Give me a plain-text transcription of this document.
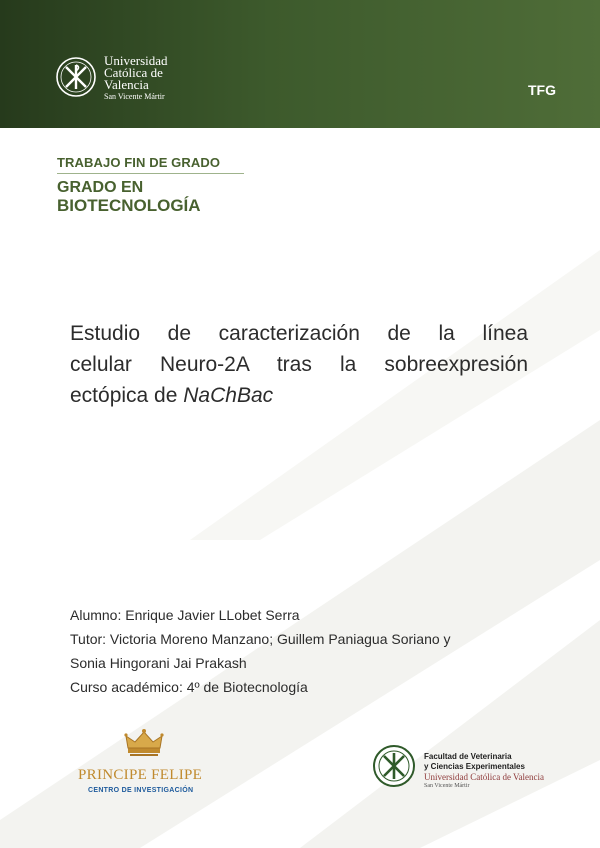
Universidad
Católica de
Valencia
San Vicente Mártir	TFG
TRABAJO FIN DE GRADO
GRADO EN
BIOTECNOLOGÍA
Estudio de caracterización de la línea
celular Neuro-2A tras la sobreexpresión
ectópica de NaChBac
Alumno: Enrique Javier LLobet Serra
Tutor: Victoria Moreno Manzano; Guillem Paniagua Soriano y
Sonia Hingorani Jai Prakash
Curso académico: 4º de Biotecnología
PRINCIPE FELIPE
CENTRO DE INVESTIGACIÓN
Facultad de Veterinaria
y Ciencias Experimentales
Universidad Católica de Valencia
San Vicente Mártir
